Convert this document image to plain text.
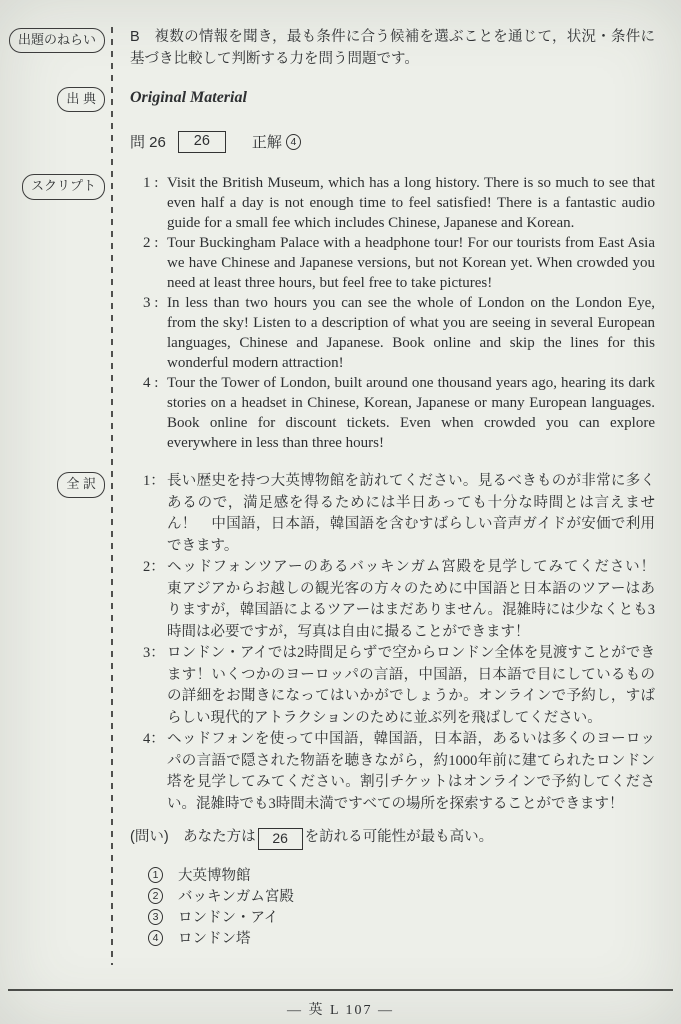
出題のねらい	B　複数の情報を聞き，最も条件に合う候補を選ぶことを通じて，状況・条件に基づき比較して判断する力を問う問題です。
出 典	Original Material
問 26	26	正解 4
スクリプト	1 : Visit the British Museum, which has a long history. There is so much to see that even half a day is not enough time to feel satisfied! There is a fantastic audio guide for a small fee which includes Chinese, Japanese and Korean.
2 : Tour Buckingham Palace with a headphone tour! For our tourists from East Asia we have Chinese and Japanese versions, but not Korean yet. When crowded you need at least three hours, but feel free to take pictures!
3 : In less than two hours you can see the whole of London on the London Eye, from the sky! Listen to a description of what you are seeing in several European languages, Chinese and Japanese. Book online and skip the lines for this wonderful modern attraction!
4 : Tour the Tower of London, built around one thousand years ago, hearing its dark stories on a headset in Chinese, Korean, Japanese or many European languages. Book online for discount tickets. Even when crowded you can explore everywhere in less than three hours!
全 訳	1： 長い歴史を持つ大英博物館を訪れてください。見るべきものが非常に多くあるので，満足感を得るためには半日あっても十分な時間とは言えません！　中国語，日本語，韓国語を含むすばらしい音声ガイドが安価で利用できます。
2： ヘッドフォンツアーのあるバッキンガム宮殿を見学してみてください！　東アジアからお越しの観光客の方々のために中国語と日本語のツアーはありますが，韓国語によるツアーはまだありません。混雑時には少なくとも3時間は必要ですが，写真は自由に撮ることができます！
3： ロンドン・アイでは2時間足らずで空からロンドン全体を見渡すことができます！いくつかのヨーロッパの言語，中国語，日本語で目にしているものの詳細をお聞きになってはいかがでしょうか。オンラインで予約し，すばらしい現代的アトラクションのために並ぶ列を飛ばしてください。
4： ヘッドフォンを使って中国語，韓国語，日本語，あるいは多くのヨーロッパの言語で隠された物語を聴きながら，約1000年前に建てられたロンドン塔を見学してみてください。割引チケットはオンラインで予約してください。混雑時でも3時間未満ですべての場所を探索することができます！
(問い)　あなた方は 26 を訪れる可能性が最も高い。
1	大英博物館
2	バッキンガム宮殿
3	ロンドン・アイ
4	ロンドン塔
— 英 L 107 —
